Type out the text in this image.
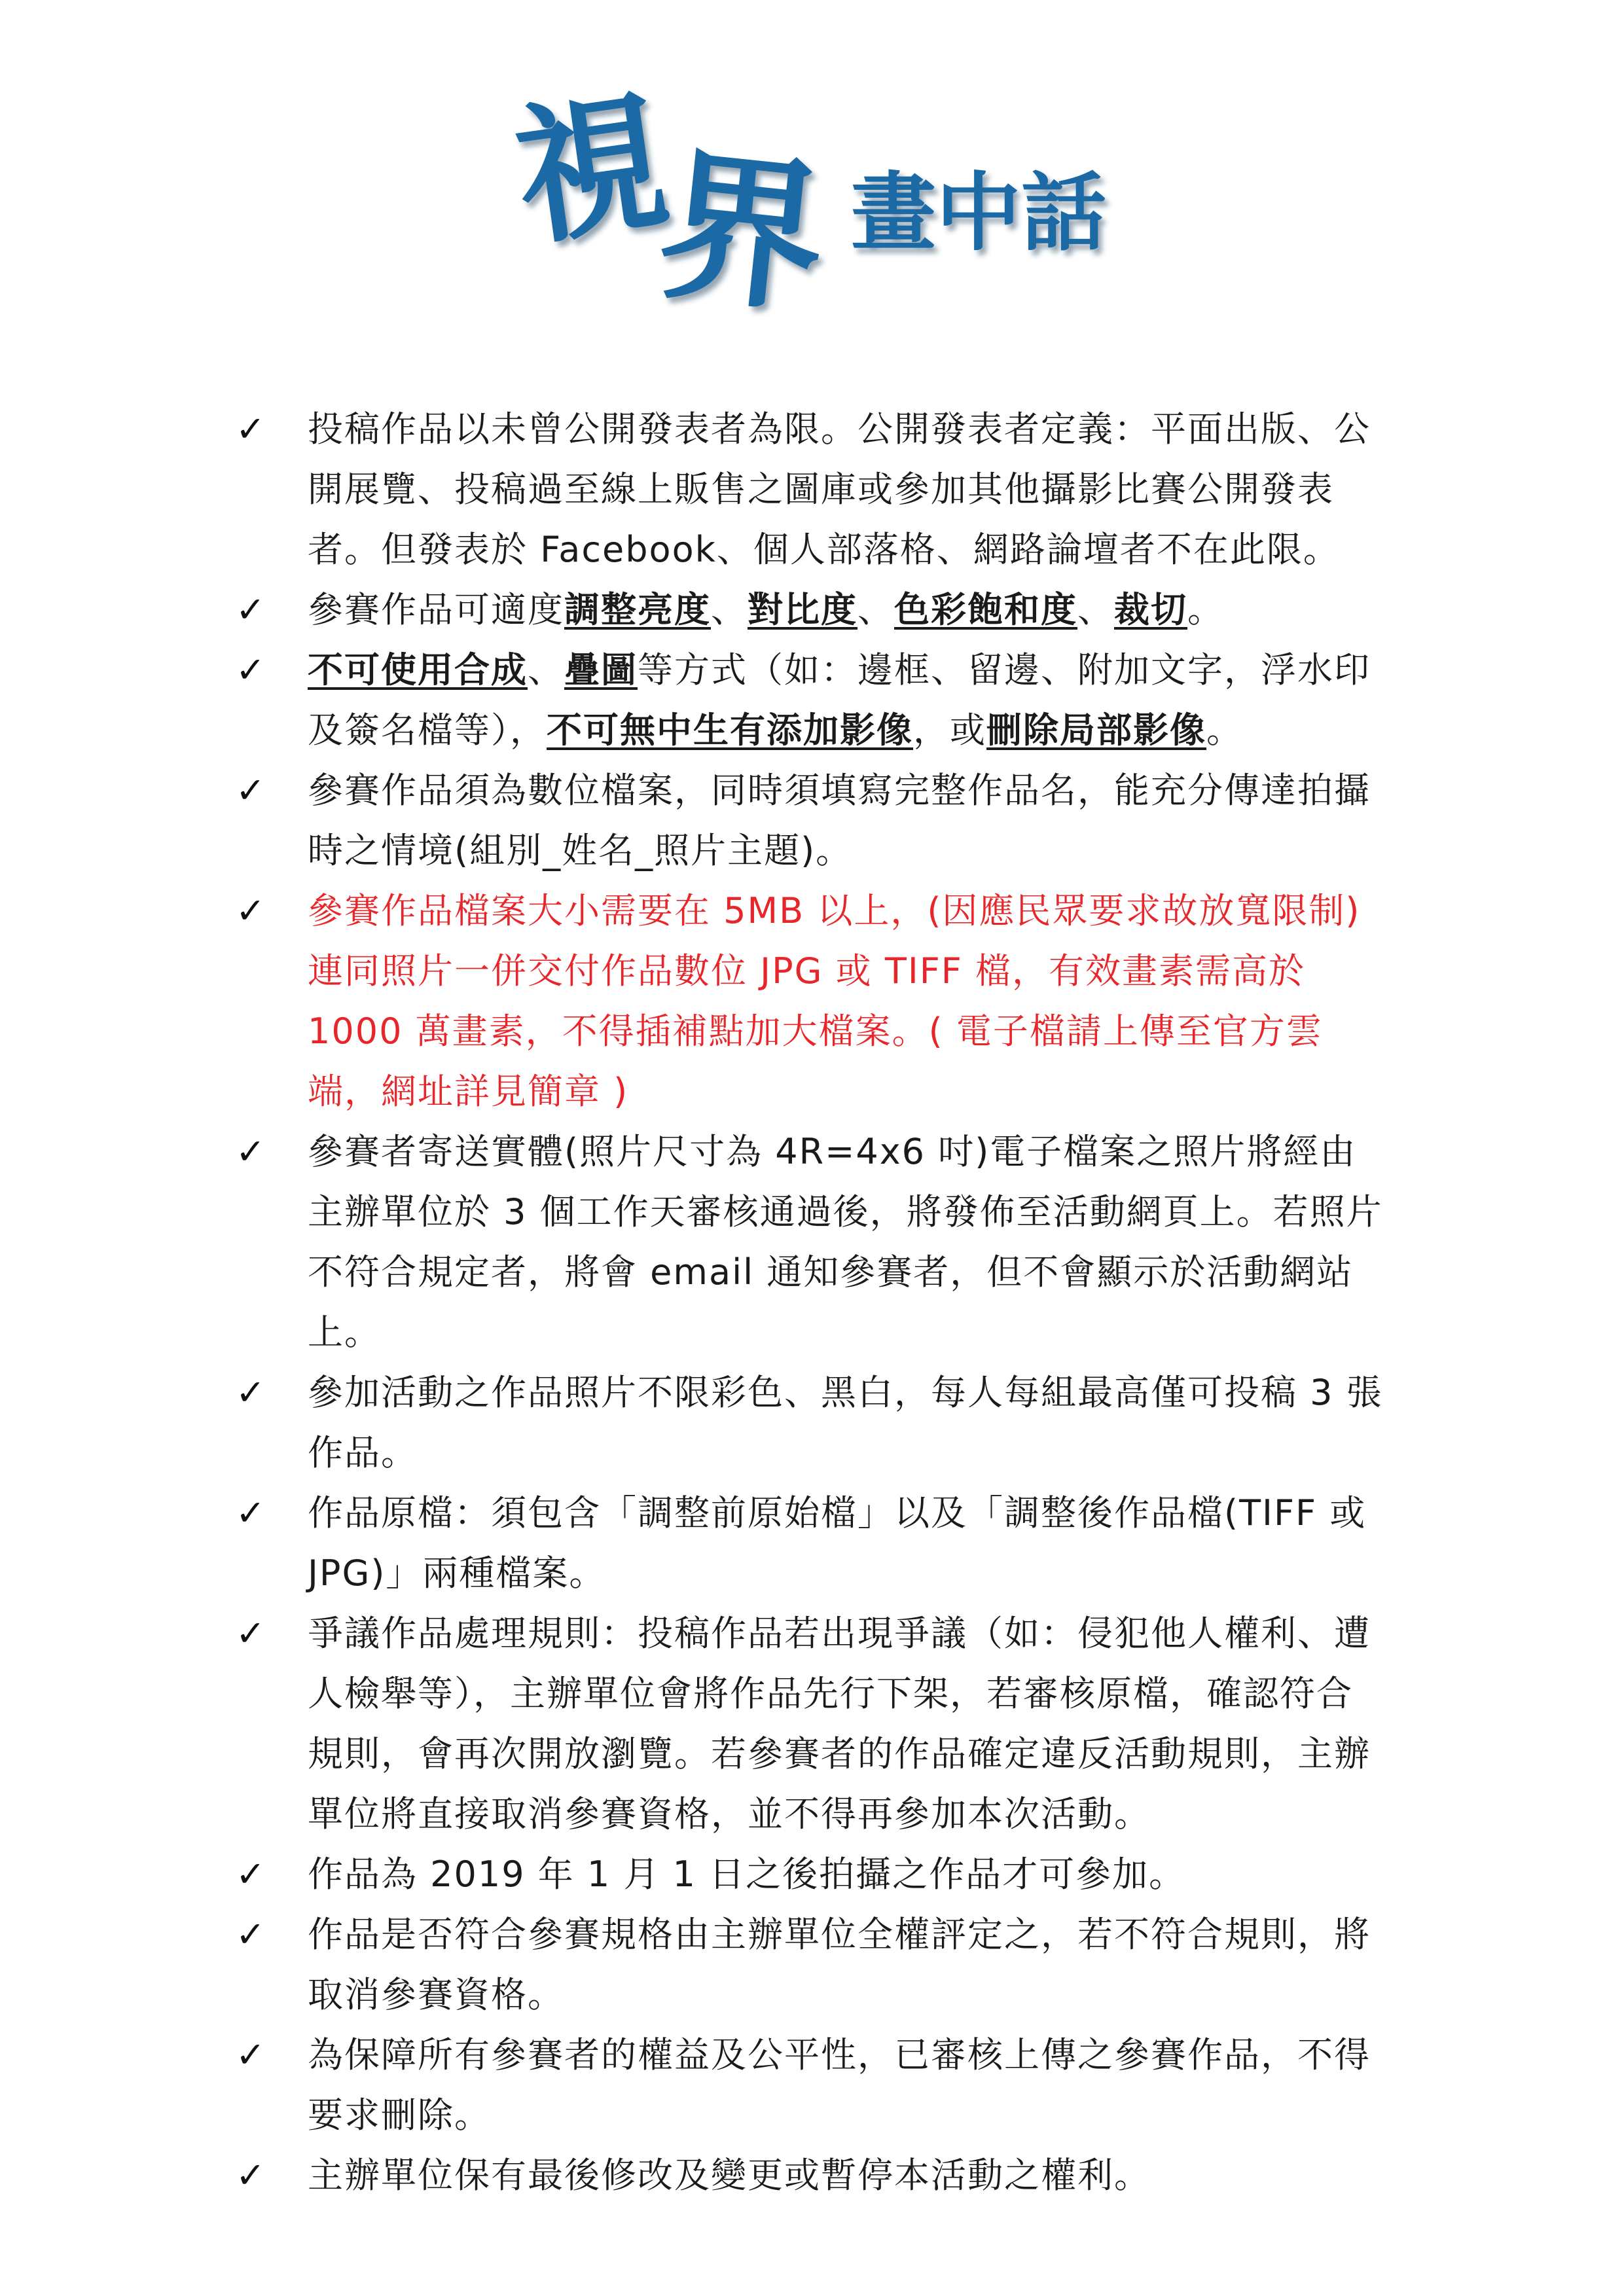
視
界 畫 中 話
✓	投稿作品以未曾公開發表者為限。公開發表者定義：平面出版、公開展覽、投稿過至線上販售之圖庫或參加其他攝影比賽公開發表者。但發表於 Facebook、個人部落格、網路論壇者不在此限。
✓	參賽作品可適度調整亮度、對比度、色彩飽和度、裁切。
✓	不可使用合成、疊圖等方式（如：邊框、留邊、附加文字，浮水印及簽名檔等），不可無中生有添加影像，或刪除局部影像。
✓	參賽作品須為數位檔案，同時須填寫完整作品名，能充分傳達拍攝時之情境(組別_姓名_照片主題)。
✓	參賽作品檔案大小需要在 5MB 以上，(因應民眾要求故放寬限制)連同照片一併交付作品數位 JPG 或 TIFF 檔，有效畫素需高於 1000 萬畫素，不得插補點加大檔案。( 電子檔請上傳至官方雲端，網址詳見簡章 )
✓	參賽者寄送實體(照片尺寸為 4R=4x6 吋)電子檔案之照片將經由主辦單位於 3 個工作天審核通過後，將發佈至活動網頁上。若照片不符合規定者，將會 email 通知參賽者，但不會顯示於活動網站上。
✓	參加活動之作品照片不限彩色、黑白，每人每組最高僅可投稿 3 張作品。
✓	作品原檔：須包含「調整前原始檔」以及「調整後作品檔(TIFF 或 JPG)」兩種檔案。
✓	爭議作品處理規則：投稿作品若出現爭議（如：侵犯他人權利、遭人檢舉等），主辦單位會將作品先行下架，若審核原檔，確認符合規則，會再次開放瀏覽。若參賽者的作品確定違反活動規則，主辦單位將直接取消參賽資格，並不得再參加本次活動。
✓	作品為 2019 年 1 月 1 日之後拍攝之作品才可參加。
✓	作品是否符合參賽規格由主辦單位全權評定之，若不符合規則，將取消參賽資格。
✓	為保障所有參賽者的權益及公平性，已審核上傳之參賽作品，不得要求刪除。
✓	主辦單位保有最後修改及變更或暫停本活動之權利。
